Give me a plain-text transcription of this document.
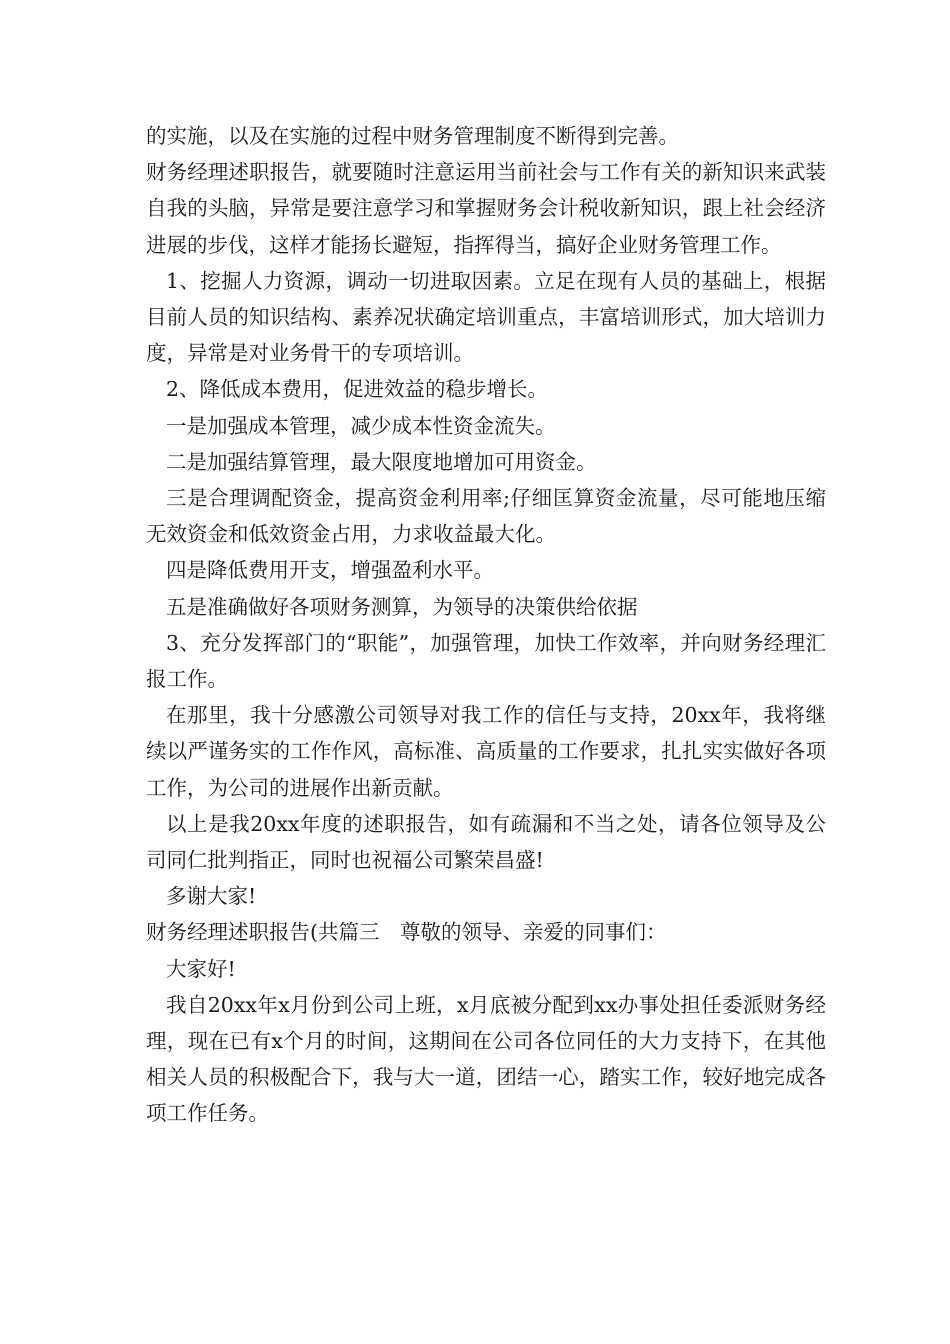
的实施，以及在实施的过程中财务管理制度不断得到完善。

财务经理述职报告，就要随时注意运用当前社会与工作有关的新知识来武装自我的头脑，异常是要注意学习和掌握财务会计税收新知识，跟上社会经济进展的步伐，这样才能扬长避短，指挥得当，搞好企业财务管理工作。

1、挖掘人力资源，调动一切进取因素。立足在现有人员的基础上，根据目前人员的知识结构、素养况状确定培训重点，丰富培训形式，加大培训力度，异常是对业务骨干的专项培训。

2、降低成本费用，促进效益的稳步增长。

一是加强成本管理，减少成本性资金流失。

二是加强结算管理，最大限度地增加可用资金。

三是合理调配资金，提高资金利用率;仔细匡算资金流量，尽可能地压缩无效资金和低效资金占用，力求收益最大化。

四是降低费用开支，增强盈利水平。

五是准确做好各项财务测算，为领导的决策供给依据

3、充分发挥部门的“职能”，加强管理，加快工作效率，并向财务经理汇报工作。

在那里，我十分感激公司领导对我工作的信任与支持，20xx年，我将继续以严谨务实的工作作风，高标准、高质量的工作要求，扎扎实实做好各项工作，为公司的进展作出新贡献。

以上是我20xx年度的述职报告，如有疏漏和不当之处，请各位领导及公司同仁批判指正，同时也祝福公司繁荣昌盛!

多谢大家!

财务经理述职报告(共篇三　尊敬的领导、亲爱的同事们：

大家好!

我自20xx年x月份到公司上班，x月底被分配到xx办事处担任委派财务经理，现在已有x个月的时间，这期间在公司各位同任的大力支持下，在其他相关人员的积极配合下，我与大一道，团结一心，踏实工作，较好地完成各项工作任务。
